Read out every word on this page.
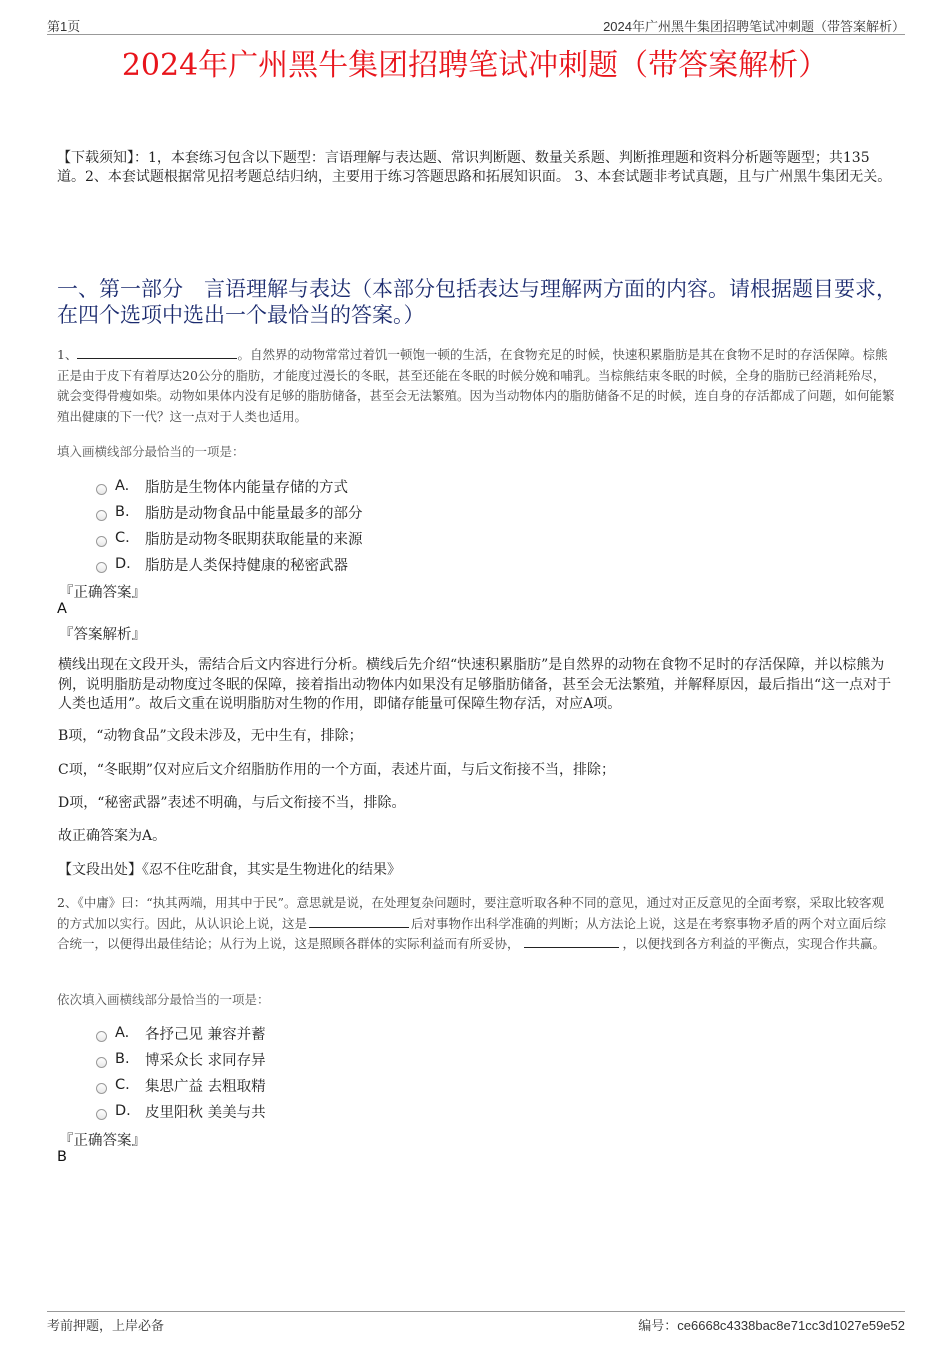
第1页	2024年广州黑牛集团招聘笔试冲刺题（带答案解析）
2024年广州黑牛集团招聘笔试冲刺题（带答案解析）
【下载须知】：1，本套练习包含以下题型：言语理解与表达题、常识判断题、数量关系题、判断推理题和资料分析题等题型；共135道。2、本套试题根据常见招考题总结归纳，主要用于练习答题思路和拓展知识面。 3、本套试题非考试真题，且与广州黑牛集团无关。
一、第一部分　言语理解与表达（本部分包括表达与理解两方面的内容。请根据题目要求，在四个选项中选出一个最恰当的答案。）
1、	。自然界的动物常常过着饥一顿饱一顿的生活，在食物充足的时候，快速积累脂肪是其在食物不足时的存活保障。棕熊正是由于皮下有着厚达20公分的脂肪，才能度过漫长的冬眠，甚至还能在冬眠的时候分娩和哺乳。当棕熊结束冬眠的时候，全身的脂肪已经消耗殆尽，就会变得骨瘦如柴。动物如果体内没有足够的脂肪储备，甚至会无法繁殖。因为当动物体内的脂肪储备不足的时候，连自身的存活都成了问题，如何能繁殖出健康的下一代？这一点对于人类也适用。
填入画横线部分最恰当的一项是：
A.	脂肪是生物体内能量存储的方式
B.	脂肪是动物食品中能量最多的部分
C.	脂肪是动物冬眠期获取能量的来源
D. 脂肪是人类保持健康的秘密武器
『正确答案』
A
『答案解析』
横线出现在文段开头，需结合后文内容进行分析。横线后先介绍“快速积累脂肪”是自然界的动物在食物不足时的存活保障，并以棕熊为例，说明脂肪是动物度过冬眠的保障，接着指出动物体内如果没有足够脂肪储备，甚至会无法繁殖，并解释原因，最后指出“这一点对于人类也适用”。故后文重在说明脂肪对生物的作用，即储存能量可保障生物存活，对应A项。
B项，“动物食品”文段未涉及，无中生有，排除；
C项，“冬眠期”仅对应后文介绍脂肪作用的一个方面，表述片面，与后文衔接不当，排除；
D项，“秘密武器”表述不明确，与后文衔接不当，排除。
故正确答案为A。
【文段出处】《忍不住吃甜食，其实是生物进化的结果》
2、《中庸》曰：“执其两端，用其中于民”。意思就是说，在处理复杂问题时，要注意听取各种不同的意见，通过对正反意见的全面考察，采取比较客观的方式加以实行。因此，从认识论上说，这是	后对事物作出科学准确的判断；从方法论上说，这是在考察事物矛盾的两个对立面后综合统一，以便得出最佳结论；从行为上说，这是照顾各群体的实际利益而有所妥协，	，以便找到各方利益的平衡点，实现合作共赢。
依次填入画横线部分最恰当的一项是：
A.	各抒己见 兼容并蓄
B.	博采众长 求同存异
C.	集思广益 去粗取精
D. 皮里阳秋 美美与共
『正确答案』
B
考前押题，上岸必备	编号：ce6668c4338bac8e71cc3d1027e59e52
